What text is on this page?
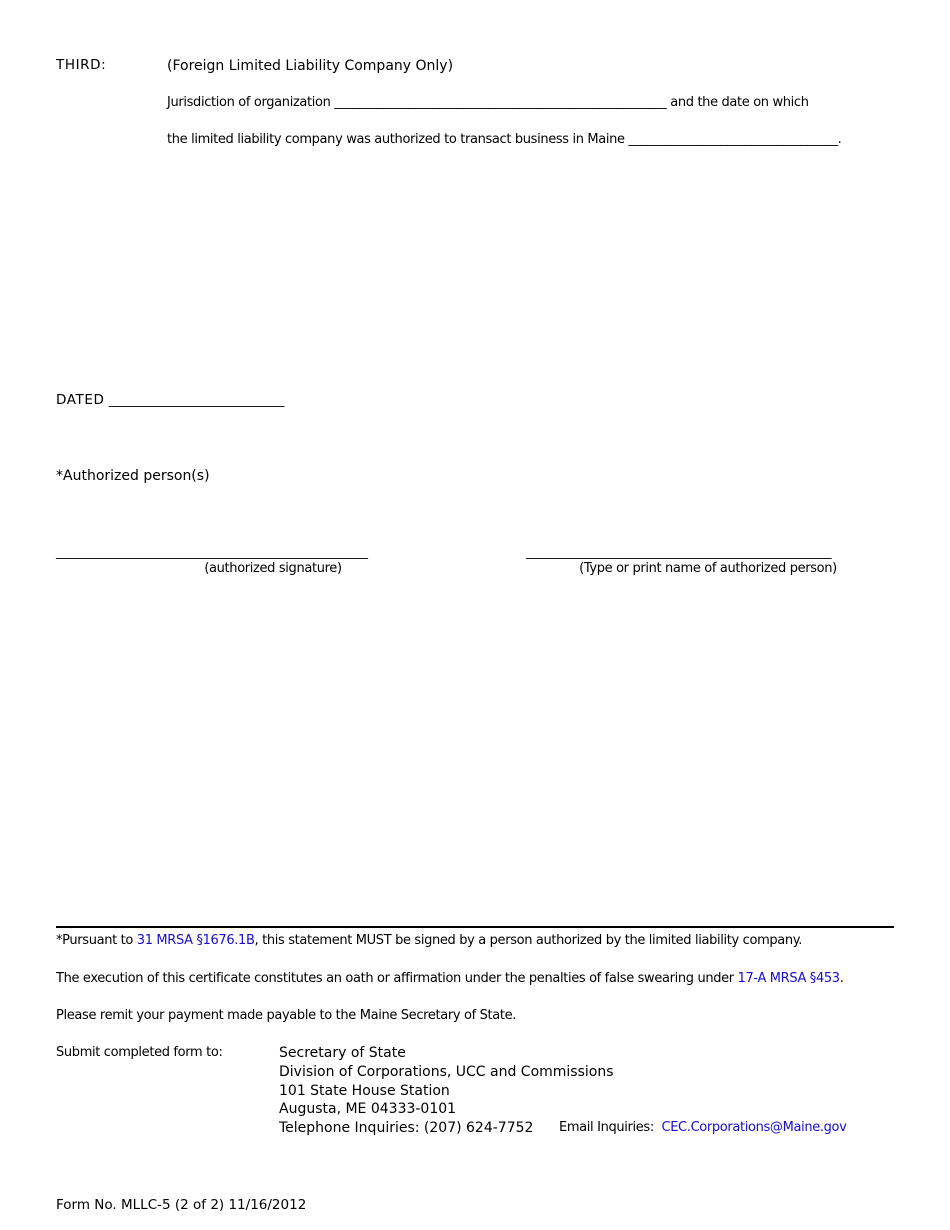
THIRD:	(Foreign Limited Liability Company Only)
Jurisdiction of organization ______________________________________________________ and the date on which
the limited liability company was authorized to transact business in Maine __________________________________.
DATED __________________________
*Authorized person(s)
________________________________________________
(authorized signature)
_______________________________________________
(Type or print name of authorized person)
*Pursuant to 31 MRSA §1676.1B, this statement MUST be signed by a person authorized by the limited liability company.
The execution of this certificate constitutes an oath or affirmation under the penalties of false swearing under 17-A MRSA §453.
Please remit your payment made payable to the Maine Secretary of State.
Submit completed form to:	Secretary of State
Division of Corporations, UCC and Commissions
101 State House Station
Augusta, ME 04333-0101
Telephone Inquiries: (207) 624-7752 Email Inquiries: CEC.Corporations@Maine.gov
Form No. MLLC-5 (2 of 2) 11/16/2012
